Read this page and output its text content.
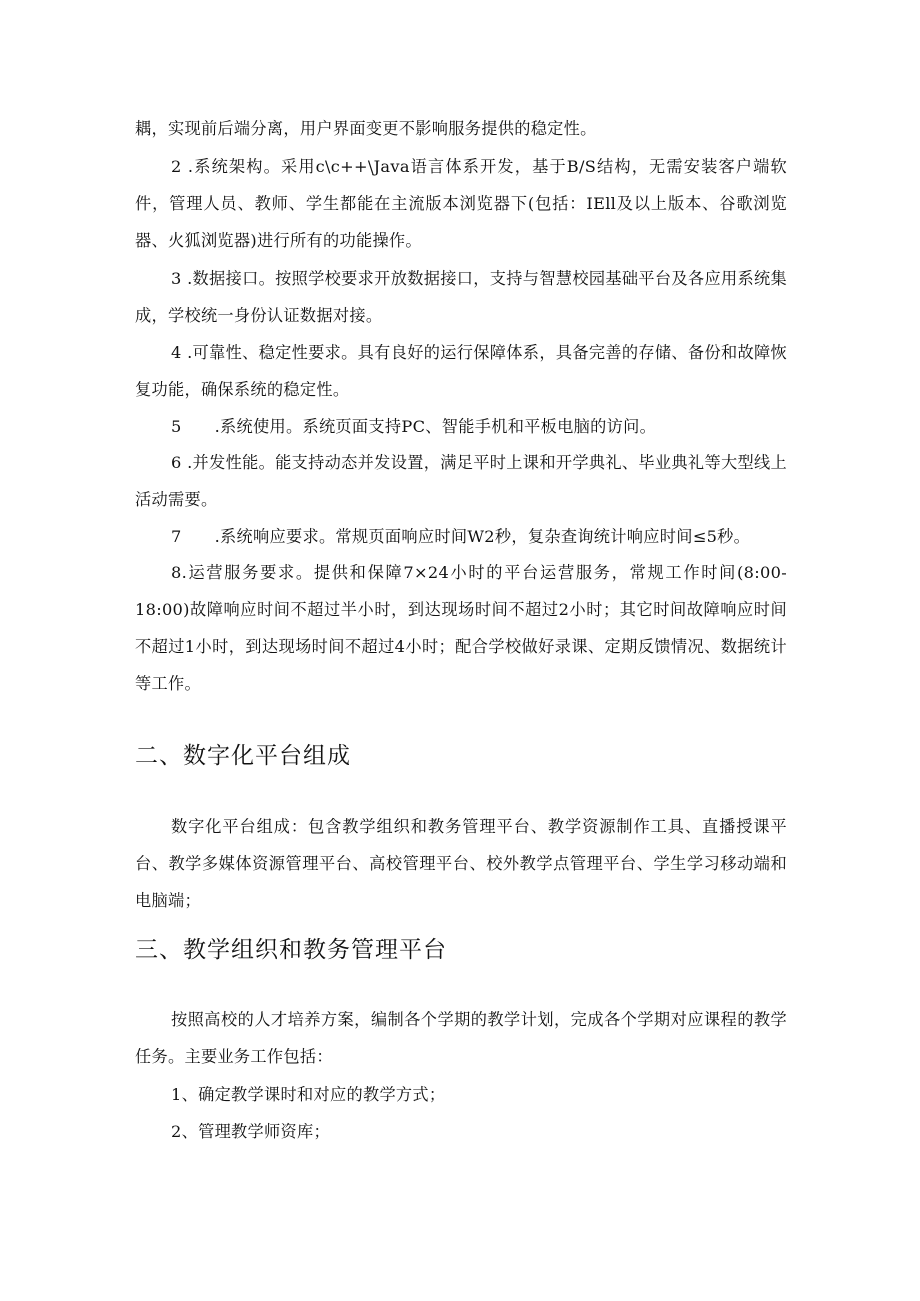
耦，实现前后端分离，用户界面变更不影响服务提供的稳定性。

2 .系统架构。采用c\c++\Java语言体系开发，基于B/S结构，无需安装客户端软件，管理人员、教师、学生都能在主流版本浏览器下(包括：IEll及以上版本、谷歌浏览器、火狐浏览器)进行所有的功能操作。

3 .数据接口。按照学校要求开放数据接口，支持与智慧校园基础平台及各应用系统集成，学校统一身份认证数据对接。

4 .可靠性、稳定性要求。具有良好的运行保障体系，具备完善的存储、备份和故障恢复功能，确保系统的稳定性。

5　　.系统使用。系统页面支持PC、智能手机和平板电脑的访问。

6 .并发性能。能支持动态并发设置，满足平时上课和开学典礼、毕业典礼等大型线上活动需要。

7　　.系统响应要求。常规页面响应时间W2秒，复杂查询统计响应时间≤5秒。

8.运营服务要求。提供和保障7×24小时的平台运营服务，常规工作时间(8:00-18:00)故障响应时间不超过半小时，到达现场时间不超过2小时；其它时间故障响应时间不超过1小时，到达现场时间不超过4小时；配合学校做好录课、定期反馈情况、数据统计等工作。

二、数字化平台组成

数字化平台组成：包含教学组织和教务管理平台、教学资源制作工具、直播授课平台、教学多媒体资源管理平台、高校管理平台、校外教学点管理平台、学生学习移动端和电脑端；

三、教学组织和教务管理平台

按照高校的人才培养方案，编制各个学期的教学计划，完成各个学期对应课程的教学任务。主要业务工作包括：

1、确定教学课时和对应的教学方式；

2、管理教学师资库；
